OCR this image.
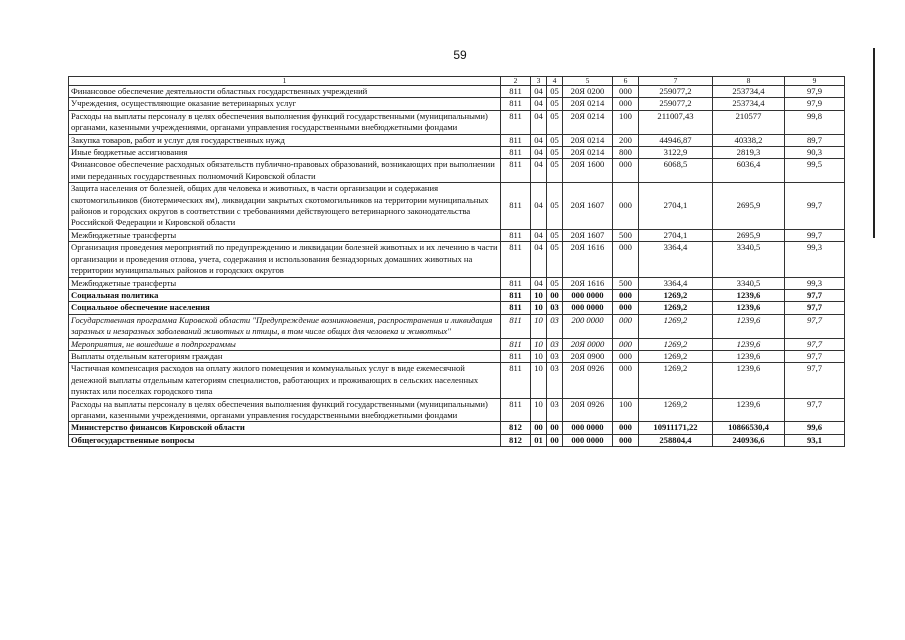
59
1	2	3	4	5	6	7	8	9
Финансовое обеспечение деятельности областных государственных учреждений	811	04	05	20Я 0200	000	259077,2	253734,4	97,9
Учреждения, осуществляющие оказание ветеринарных услуг	811	04	05	20Я 0214	000	259077,2	253734,4	97,9
Расходы на выплаты персоналу в целях обеспечения выполнения функций государственными (муниципальными) органами, казенными учреждениями, органами управления государственными внебюджетными фондами	811	04	05	20Я 0214	100	211007,43	210577	99,8
Закупка товаров, работ и услуг для государственных нужд	811	04	05	20Я 0214	200	44946,87	40338,2	89,7
Иные бюджетные ассигнования	811	04	05	20Я 0214	800	3122,9	2819,3	90,3
Финансовое обеспечение расходных обязательств публично-правовых образований, возникающих при выполнении ими переданных государственных полномочий Кировской области	811	04	05	20Я 1600	000	6068,5	6036,4	99,5
Защита населения от болезней, общих для человека и животных, в части организации и содержания скотомогильников (биотермических ям), ликвидации закрытых скотомогильников на территории муниципальных районов и городских округов в соответствии с требованиями действующего ветеринарного законодательства Российской Федерации и Кировской области	811	04	05	20Я 1607	000	2704,1	2695,9	99,7
Межбюджетные трансферты	811	04	05	20Я 1607	500	2704,1	2695,9	99,7
Организация проведения мероприятий по предупреждению и ликвидации болезней животных и их лечению в части организации и проведения отлова, учета, содержания и использования безнадзорных домашних животных на территории муниципальных районов и городских округов	811	04	05	20Я 1616	000	3364,4	3340,5	99,3
Межбюджетные трансферты	811	04	05	20Я 1616	500	3364,4	3340,5	99,3
Социальная политика	811	10	00	000 0000	000	1269,2	1239,6	97,7
Социальное обеспечение населения	811	10	03	000 0000	000	1269,2	1239,6	97,7
Государственная программа Кировской области "Предупреждение возникновения, распространения и ликвидация заразных и незаразных заболеваний животных и птицы, в том числе общих для человека и животных"	811	10	03	200 0000	000	1269,2	1239,6	97,7
Мероприятия, не вошедшие в подпрограммы	811	10	03	20Я 0000	000	1269,2	1239,6	97,7
Выплаты отдельным категориям граждан	811	10	03	20Я 0900	000	1269,2	1239,6	97,7
Частичная компенсация расходов на оплату жилого помещения и коммунальных услуг в виде ежемесячной денежной выплаты отдельным категориям специалистов, работающих и проживающих в сельских населенных пунктах или поселках городского типа	811	10	03	20Я 0926	000	1269,2	1239,6	97,7
Расходы на выплаты персоналу в целях обеспечения выполнения функций государственными (муниципальными) органами, казенными учреждениями, органами управления государственными внебюджетными фондами	811	10	03	20Я 0926	100	1269,2	1239,6	97,7
Министерство финансов Кировской области	812	00	00	000 0000	000	10911171,22	10866530,4	99,6
Общегосударственные вопросы	812	01	00	000 0000	000	258804,4	240936,6	93,1
